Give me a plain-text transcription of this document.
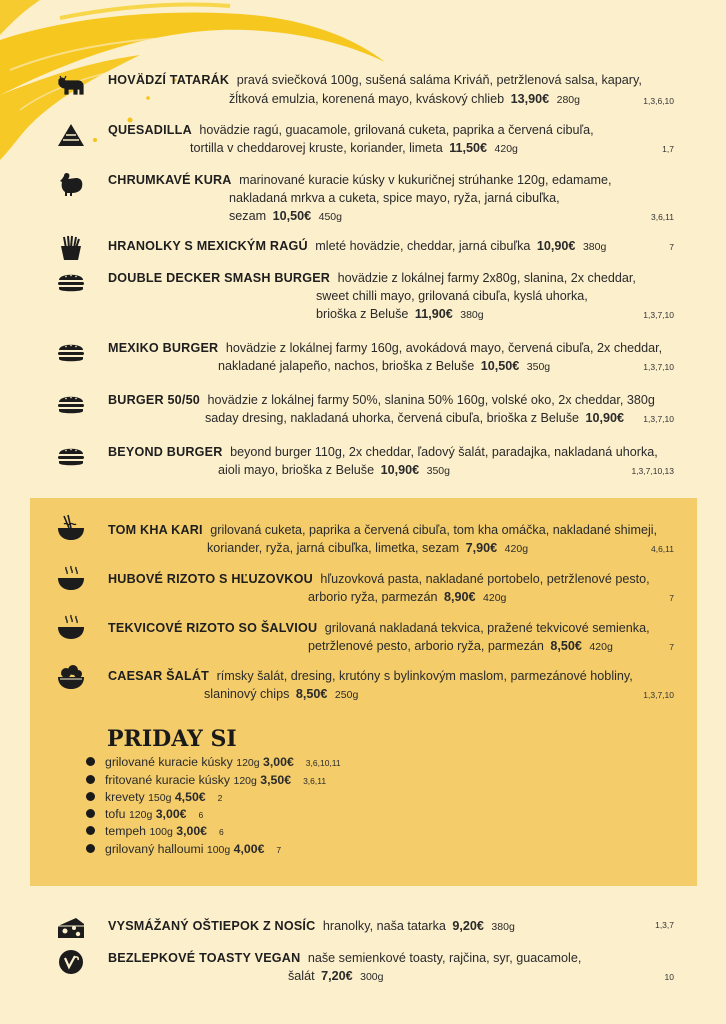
HOVÄDZÍ TATARÁK pravá sviečková 100g, sušená saláma Kriváň, petržlenová salsa, kapary,
žĺtková emulzia, korenená mayo, kváskový chlieb 13,90€ 280g	1,3,6,10
QUESADILLA hovädzie ragú, guacamole, grilovaná cuketa, paprika a červená cibuľa,
tortilla v cheddarovej kruste, koriander, limeta 11,50€ 420g	1,7
CHRUMKAVÉ KURA marinované kuracie kúsky v kukuričnej strúhanke 120g, edamame,
nakladaná mrkva a cuketa, spice mayo, ryža, jarná cibuľka,
sezam 10,50€ 450g	3,6,11
HRANOLKY S MEXICKÝM RAGÚ mleté hovädzie, cheddar, jarná cibuľka 10,90€ 380g	7
DOUBLE DECKER SMASH BURGER hovädzie z lokálnej farmy 2x80g, slanina, 2x cheddar,
sweet chilli mayo, grilovaná cibuľa, kyslá uhorka,
brioška z Beluše 11,90€ 380g	1,3,7,10
MEXIKO BURGER hovädzie z lokálnej farmy 160g, avokádová mayo, červená cibuľa, 2x cheddar,
nakladané jalapeño, nachos, brioška z Beluše 10,50€ 350g	1,3,7,10
BURGER 50/50 hovädzie z lokálnej farmy 50%, slanina 50% 160g, volské oko, 2x cheddar, 380g
saday dresing, nakladaná uhorka, červená cibuľa, brioška z Beluše 10,90€	1,3,7,10
BEYOND BURGER beyond burger 110g, 2x cheddar, ľadový šalát, paradajka, nakladaná uhorka,
aioli mayo, brioška z Beluše 10,90€ 350g	1,3,7,10,13
TOM KHA KARI grilovaná cuketa, paprika a červená cibuľa, tom kha omáčka, nakladané shimeji,
koriander, ryža, jarná cibuľka, limetka, sezam 7,90€ 420g	4,6,11
HUBOVÉ RIZOTO S HĽUZOVKOU hľuzovková pasta, nakladané portobelo, petržlenové pesto,
arborio ryža, parmezán 8,90€ 420g	7
TEKVICOVÉ RIZOTO SO ŠALVIOU grilovaná nakladaná tekvica, pražené tekvicové semienka,
petržlenové pesto, arborio ryža, parmezán 8,50€ 420g	7
CAESAR ŠALÁT rímsky šalát, dresing, krutóny s bylinkovým maslom, parmezánové hobliny,
slaninový chips 8,50€ 250g	1,3,7,10
PRIDAY SI
grilované kuracie kúsky 120g 3,00€ 3,6,10,11
fritované kuracie kúsky 120g 3,50€ 3,6,11
krevety 150g 4,50€ 2
tofu 120g 3,00€ 6
tempeh 100g 3,00€ 6
grilovaný halloumi 100g 4,00€ 7
VYSMÁŽANÝ OŠTIEPOK Z NOSÍC hranolky, naša tatarka 9,20€ 380g	1,3,7
BEZLEPKOVÉ TOASTY VEGAN naše semienkové toasty, rajčina, syr, guacamole,
šalát 7,20€ 300g	10
